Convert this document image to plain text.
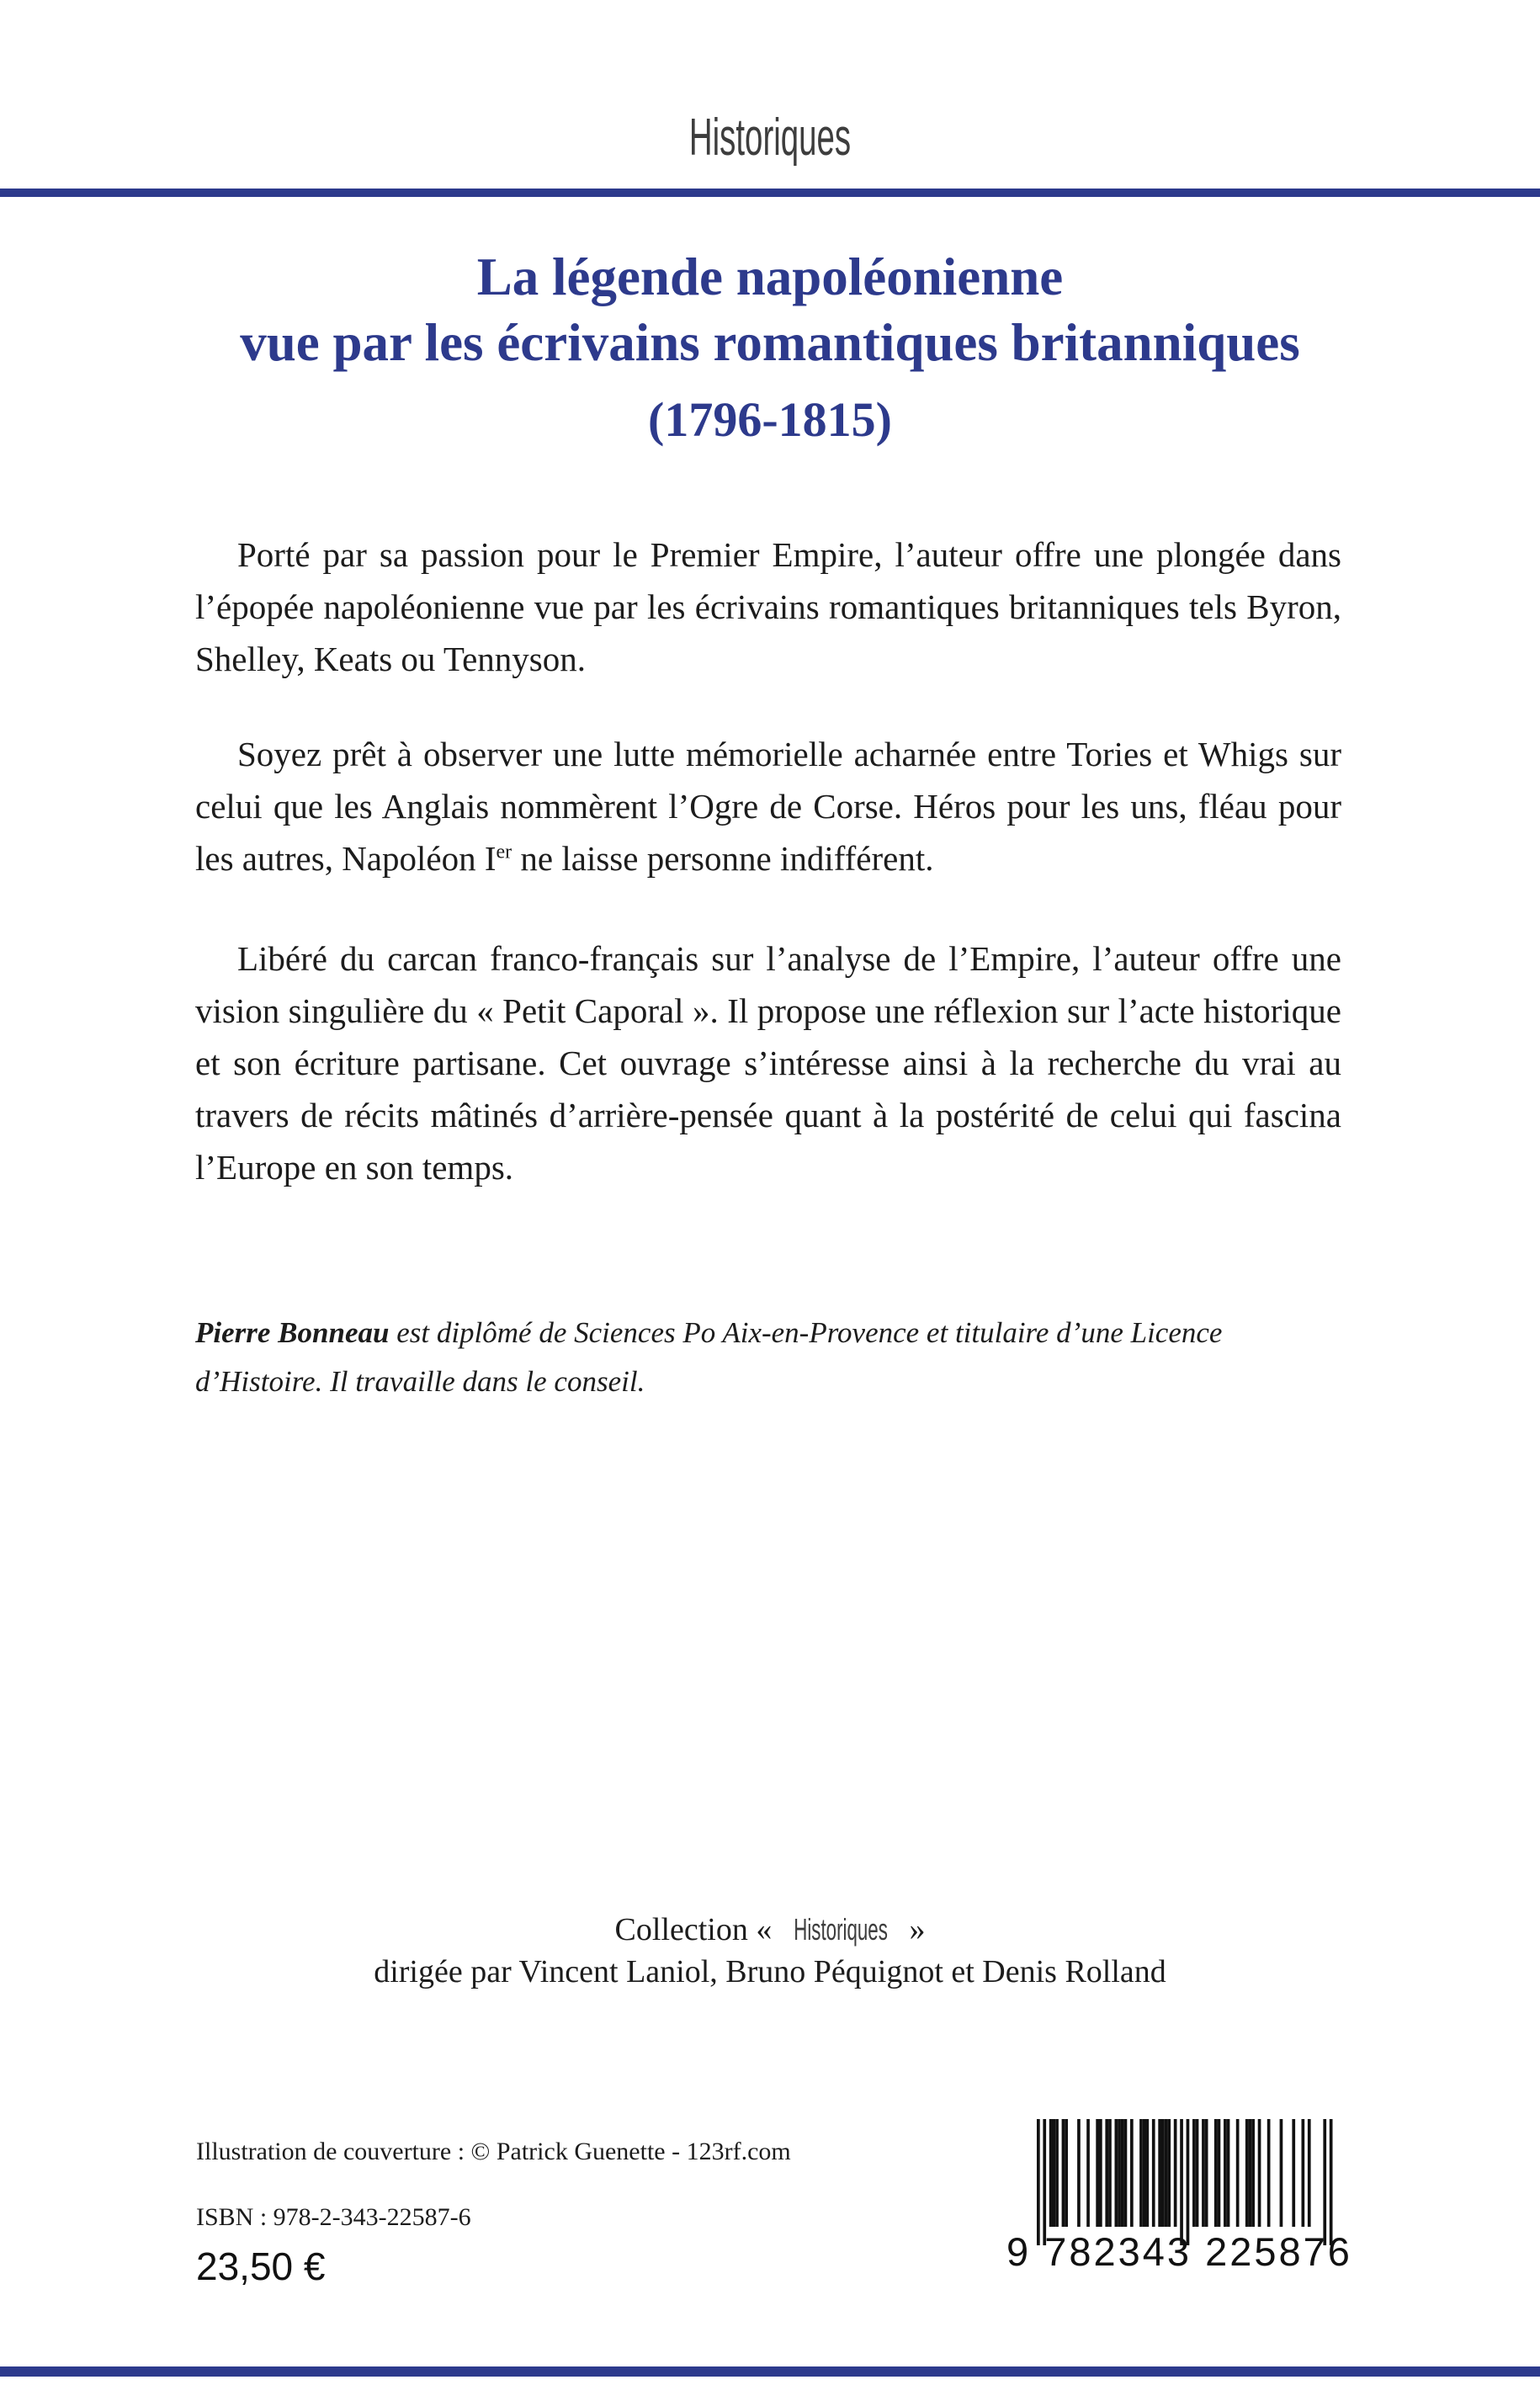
Historiques
La légende napoléonienne
vue par les écrivains romantiques britanniques
(1796-1815)

Porté par sa passion pour le Premier Empire, l’auteur offre une plongée dans l’épopée napoléonienne vue par les écrivains romantiques britanniques tels Byron, Shelley, Keats ou Tennyson.

Soyez prêt à observer une lutte mémorielle acharnée entre Tories et Whigs sur celui que les Anglais nommèrent l’Ogre de Corse. Héros pour les uns, fléau pour les autres, Napoléon Ier ne laisse personne indifférent.

Libéré du carcan franco-français sur l’analyse de l’Empire, l’auteur offre une vision singulière du « Petit Caporal ». Il propose une réflexion sur l’acte historique et son écriture partisane. Cet ouvrage s’intéresse ainsi à la recherche du vrai au travers de récits mâtinés d’arrière-pensée quant à la postérité de celui qui fascina l’Europe en son temps.

Pierre Bonneau est diplômé de Sciences Po Aix-en-Provence et titulaire d’une Licence d’Histoire. Il travaille dans le conseil.

Collection « Historiques »
dirigée par Vincent Laniol, Bruno Péquignot et Denis Rolland
Illustration de couverture : © Patrick Guenette - 123rf.com
ISBN : 978-2-343-22587-6
23,50 €	9 782343 225876
